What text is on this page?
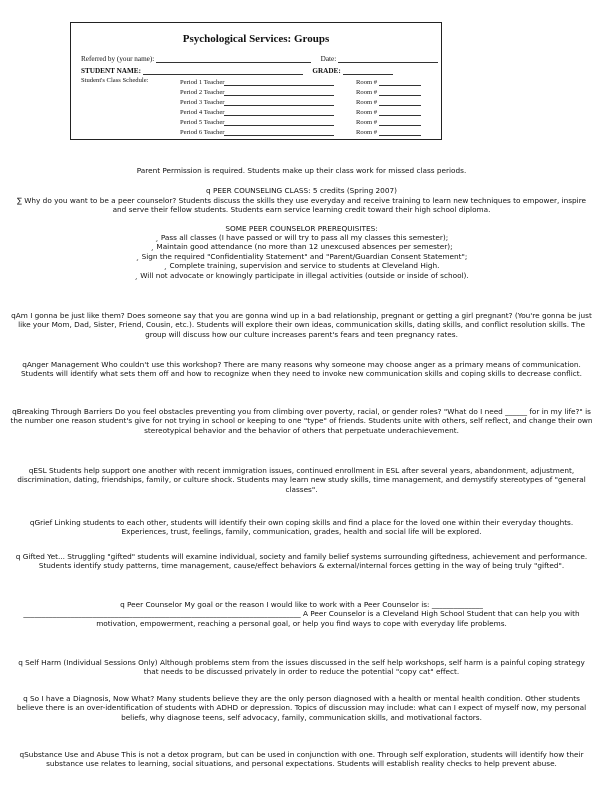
Psychological Services: Groups
Referred by (your name):	Date:
STUDENT NAME:	GRADE:
Student's Class Schedule:	Period 1 Teacher	Room #
Period 2 Teacher	Room #
Period 3 Teacher	Room #
Period 4 Teacher	Room #
Period 5 Teacher	Room #
Period 6 Teacher	Room #
Parent Permission is required. Students make up their class work for missed class periods.
q PEER COUNSELING CLASS: 5 credits (Spring 2007)
∑ Why do you want to be a peer counselor? Students discuss the skills they use everyday and receive training to learn new techniques to empower, inspire and serve their fellow students. Students earn service learning credit toward their high school diploma.
SOME PEER COUNSELOR PREREQUISITES:
¸ Pass all classes (I have passed or will try to pass all my classes this semester);
¸ Maintain good attendance (no more than 12 unexcused absences per semester);
¸ Sign the required "Confidentiality Statement" and "Parent/Guardian Consent Statement";
¸ Complete training, supervision and service to students at Cleveland High.
¸ Will not advocate or knowingly participate in illegal activities (outside or inside of school).
qAm I gonna be just like them? Does someone say that you are gonna wind up in a bad relationship, pregnant or getting a girl pregnant? (You're gonna be just like your Mom, Dad, Sister, Friend, Cousin, etc.). Students will explore their own ideas, communication skills, dating skills, and conflict resolution skills. The group will discuss how our culture increases parent's fears and teen pregnancy rates.
qAnger Management Who couldn't use this workshop? There are many reasons why someone may choose anger as a primary means of communication. Students will identify what sets them off and how to recognize when they need to invoke new communication skills and coping skills to decrease conflict.
qBreaking Through Barriers Do you feel obstacles preventing you from climbing over poverty, racial, or gender roles? "What do I need ______ for in my life?" is the number one reason student's give for not trying in school or keeping to one "type" of friends. Students unite with others, self reflect, and change their own stereotypical behavior and the behavior of others that perpetuate underachievement.
qESL Students help support one another with recent immigration issues, continued enrollment in ESL after several years, abandonment, adjustment, discrimination, dating, friendships, family, or culture shock. Students may learn new study skills, time management, and demystify stereotypes of "general classes".
qGrief Linking students to each other, students will identify their own coping skills and find a place for the loved one within their everyday thoughts. Experiences, trust, feelings, family, communication, grades, health and social life will be explored.
q Gifted Yet... Struggling "gifted" students will examine individual, society and family belief systems surrounding giftedness, achievement and performance. Students identify study patterns, time management, cause/effect behaviors & external/internal forces getting in the way of being truly "gifted".
q Peer Counselor My goal or the reason I would like to work with a Peer Counselor is: ______________ ____________________________________________________________________________ A Peer Counselor is a Cleveland High School Student that can help you with motivation, empowerment, reaching a personal goal, or help you find ways to cope with everyday life problems.
q Self Harm (Individual Sessions Only) Although problems stem from the issues discussed in the self help workshops, self harm is a painful coping strategy that needs to be discussed privately in order to reduce the potential "copy cat" effect.
q So I have a Diagnosis, Now What? Many students believe they are the only person diagnosed with a health or mental health condition. Other students believe there is an over-identification of students with ADHD or depression. Topics of discussion may include: what can I expect of myself now, my personal beliefs, why diagnose teens, self advocacy, family, communication skills, and motivational factors.
qSubstance Use and Abuse This is not a detox program, but can be used in conjunction with one. Through self exploration, students will identify how their substance use relates to learning, social situations, and personal expectations. Students will establish reality checks to help prevent abuse.
